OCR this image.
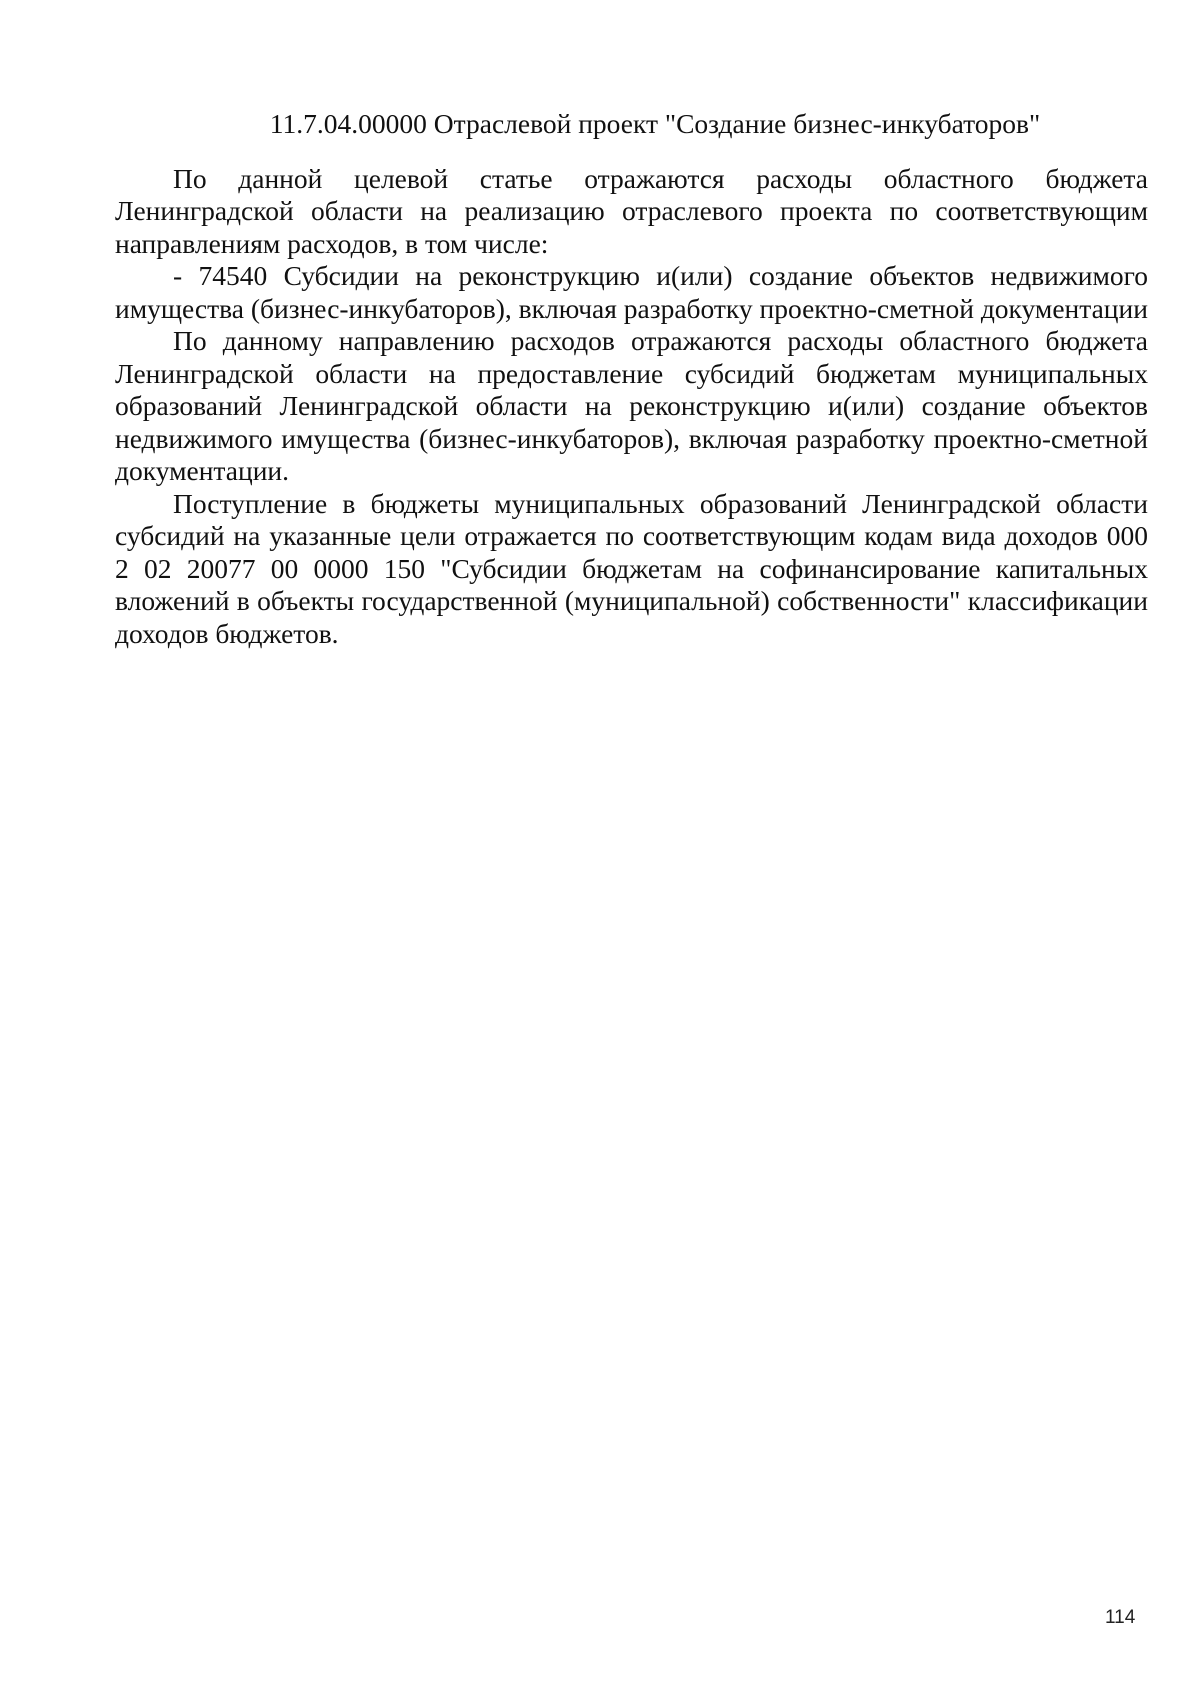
11.7.04.00000 Отраслевой проект "Создание бизнес-инкубаторов"

По данной целевой статье отражаются расходы областного бюджета Ленинградской области на реализацию отраслевого проекта по соответствующим направлениям расходов, в том числе:

- 74540 Субсидии на реконструкцию и(или) создание объектов недвижимого имущества (бизнес-инкубаторов), включая разработку проектно-сметной документации

По данному направлению расходов отражаются расходы областного бюджета Ленинградской области на предоставление субсидий бюджетам муниципальных образований Ленинградской области на реконструкцию и(или) создание объектов недвижимого имущества (бизнес-инкубаторов), включая разработку проектно-сметной документации.

Поступление в бюджеты муниципальных образований Ленинградской области субсидий на указанные цели отражается по соответствующим кодам вида доходов 000 2 02 20077 00 0000 150 "Субсидии бюджетам на софинансирование капитальных вложений в объекты государственной (муниципальной) собственности" классификации доходов бюджетов.

114
